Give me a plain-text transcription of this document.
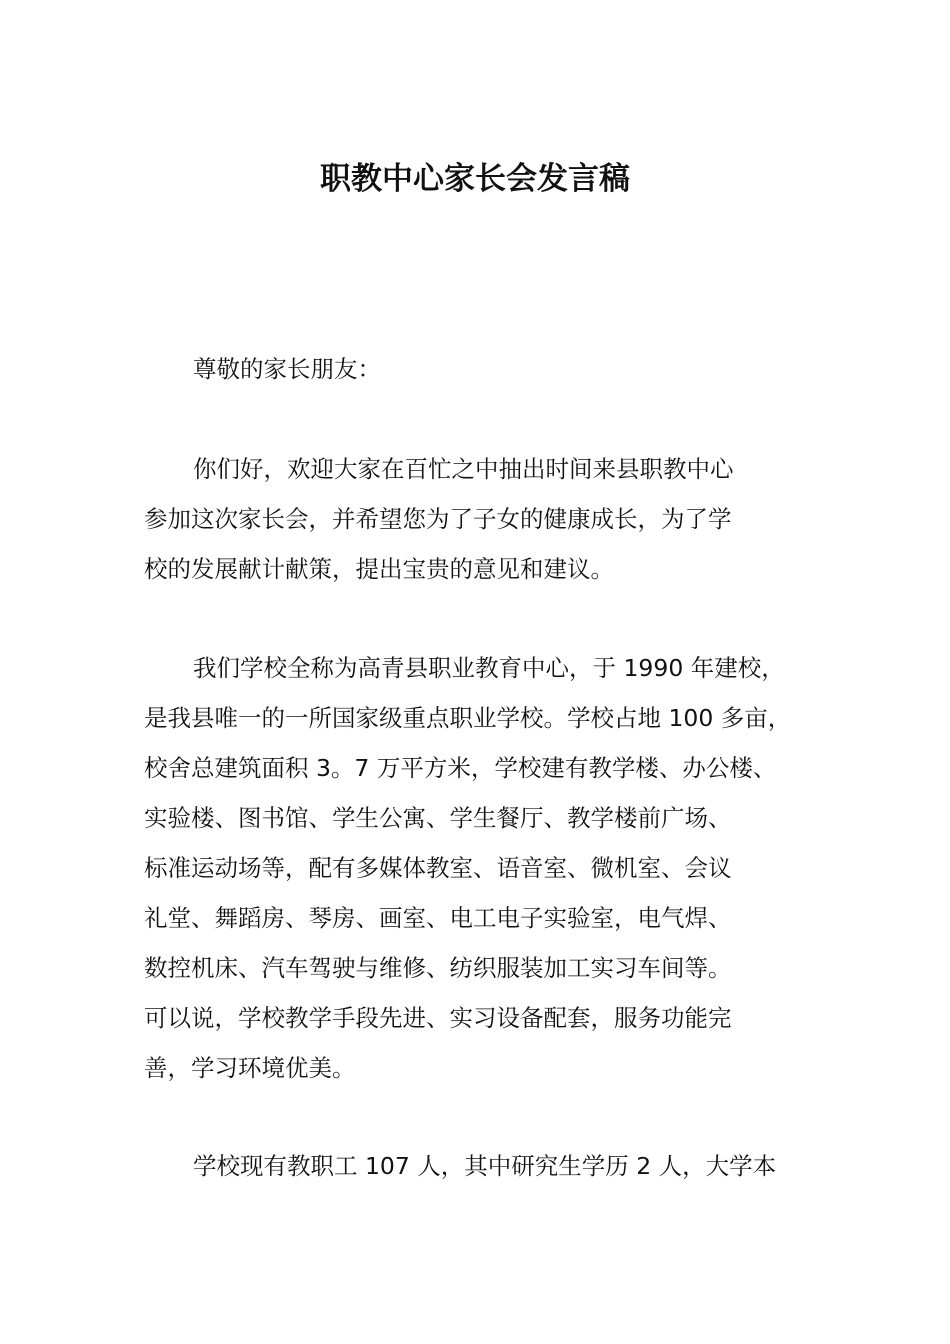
职教中心家长会发言稿
尊敬的家长朋友：
你们好，欢迎大家在百忙之中抽出时间来县职教中心
参加这次家长会，并希望您为了子女的健康成长，为了学
校的发展献计献策，提出宝贵的意见和建议。
我们学校全称为高青县职业教育中心，于 1990 年建校，
是我县唯一的一所国家级重点职业学校。学校占地 100 多亩，
校舍总建筑面积 3。7 万平方米，学校建有教学楼、办公楼、
实验楼、图书馆、学生公寓、学生餐厅、教学楼前广场、
标准运动场等，配有多媒体教室、语音室、微机室、会议
礼堂、舞蹈房、琴房、画室、电工电子实验室，电气焊、
数控机床、汽车驾驶与维修、纺织服装加工实习车间等。
可以说，学校教学手段先进、实习设备配套，服务功能完
善，学习环境优美。
学校现有教职工 107 人，其中研究生学历 2 人，大学本
